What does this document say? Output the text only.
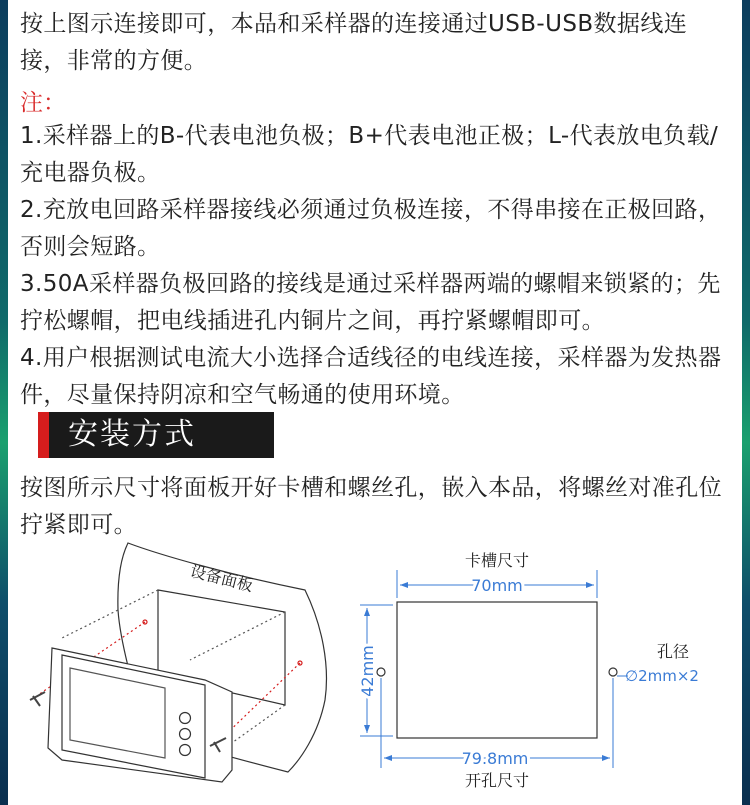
按上图示连接即可，本品和采样器的连接通过USB-USB数据线连接，非常的方便。
注：
1.采样器上的B-代表电池负极；B+代表电池正极；L-代表放电负载/充电器负极。
2.充放电回路采样器接线必须通过负极连接，不得串接在正极回路，否则会短路。
3.50A采样器负极回路的接线是通过采样器两端的螺帽来锁紧的；先拧松螺帽，把电线插进孔内铜片之间，再拧紧螺帽即可。
4.用户根据测试电流大小选择合适线径的电线连接，采样器为发热器件，尽量保持阴凉和空气畅通的使用环境。
安装方式
按图所示尺寸将面板开好卡槽和螺丝孔，嵌入本品，将螺丝对准孔位拧紧即可。
设备面板
卡槽尺寸
70mm
42mm	孔径
∅2mm×2
79.8mm
开孔尺寸
